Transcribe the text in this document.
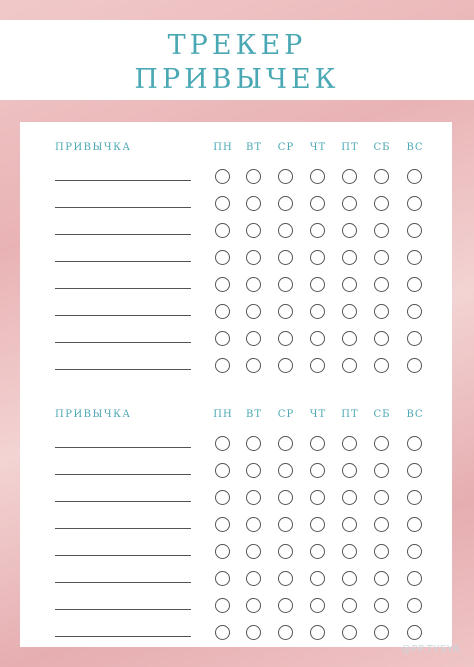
ТРЕКЕР
ПРИВЫЧЕК
ПРИВЫЧКА	ПН	ВТ	СР	ЧТ	ПТ	СБ	ВС
ПРИВЫЧКА	ПН	ВТ	СР	ЧТ	ПТ	СБ	ВС
@PP.TYSYA
